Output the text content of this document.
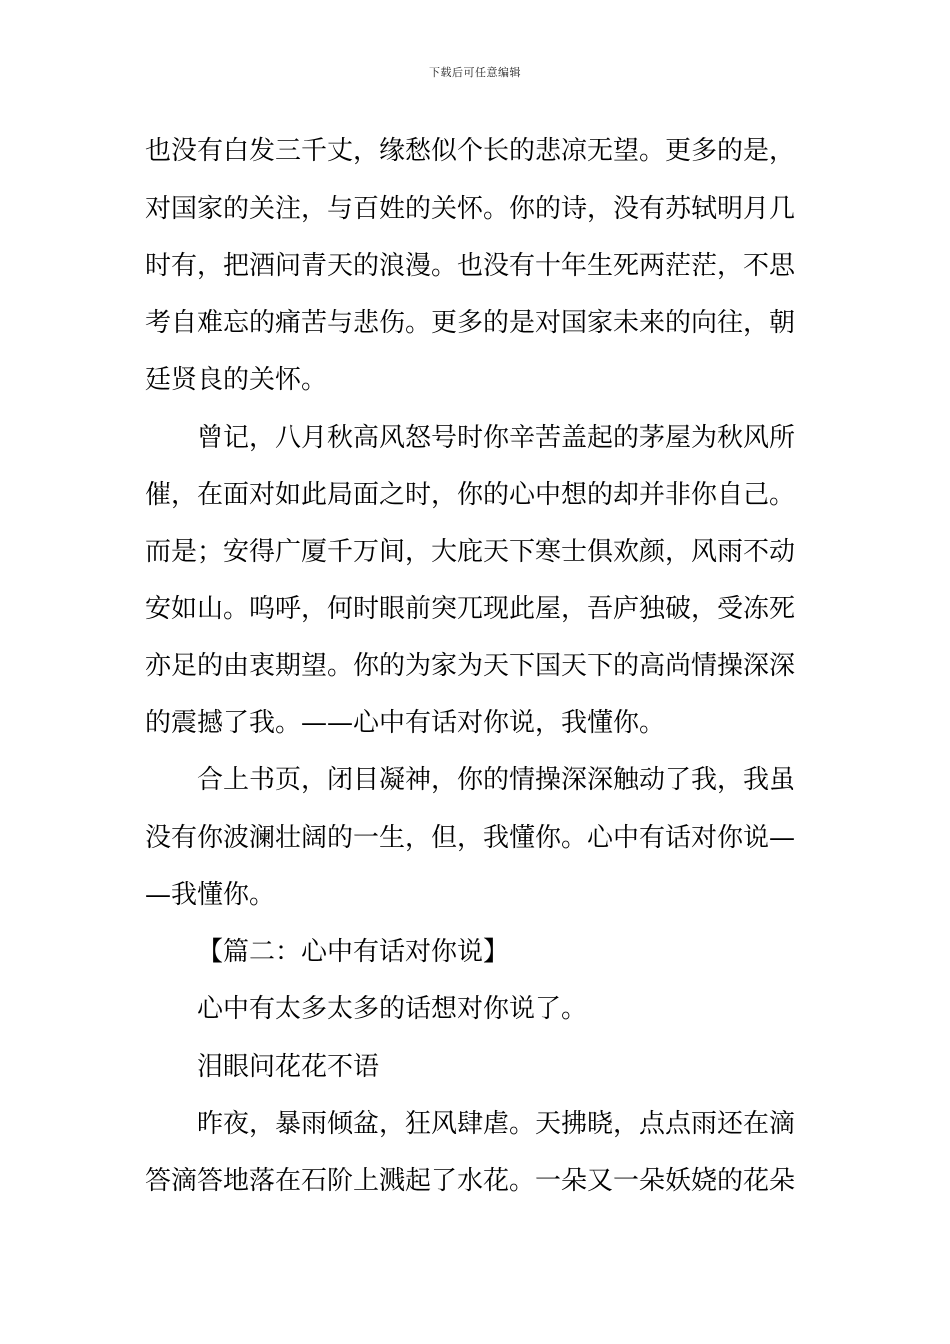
下载后可任意编辑
也没有白发三千丈，缘愁似个长的悲凉无望。更多的是，
对国家的关注，与百姓的关怀。你的诗，没有苏轼明月几
时有，把酒问青天的浪漫。也没有十年生死两茫茫，不思
考自难忘的痛苦与悲伤。更多的是对国家未来的向往，朝
廷贤良的关怀。
曾记，八月秋高风怒号时你辛苦盖起的茅屋为秋风所
催，在面对如此局面之时，你的心中想的却并非你自己。
而是；安得广厦千万间，大庇天下寒士俱欢颜，风雨不动
安如山。呜呼，何时眼前突兀现此屋，吾庐独破，受冻死
亦足的由衷期望。你的为家为天下国天下的高尚情操深深
的震撼了我。——心中有话对你说，我懂你。
合上书页，闭目凝神，你的情操深深触动了我，我虽
没有你波澜壮阔的一生，但，我懂你。心中有话对你说—
—我懂你。
【篇二：心中有话对你说】
心中有太多太多的话想对你说了。
泪眼问花花不语
昨夜，暴雨倾盆，狂风肆虐。天拂晓，点点雨还在滴
答滴答地落在石阶上溅起了水花。一朵又一朵妖娆的花朵
